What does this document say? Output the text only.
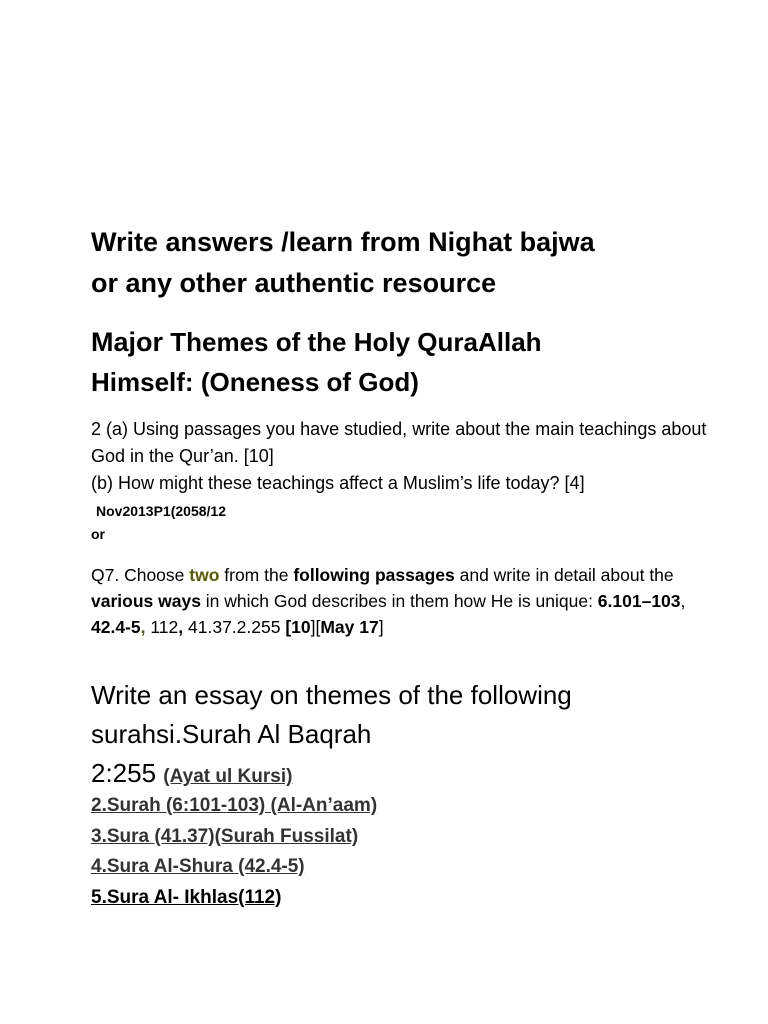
Write answers /learn from Nighat bajwa
or any other authentic resource
Major Themes of the Holy QuraAllah
Himself: (Oneness of God)
2 (a) Using passages you have studied, write about the main teachings about God in the Qur’an. [10]
(b) How might these teachings affect a Muslim’s life today? [4]
Nov2013P1(2058/12
or
Q7. Choose two from the following passages and write in detail about the various ways in which God describes in them how He is unique: 6.101–103, 42.4-5, 112, 41.37.2.255 [10][May 17]
Write an essay on themes of the following surahsi.Surah Al Baqrah
2:255 (Ayat ul Kursi)
2.Surah (6:101-103) (Al-An’aam)
3.Sura (41.37)(Surah Fussilat)
4.Sura Al-Shura (42.4-5)
5.Sura Al- Ikhlas(112)
